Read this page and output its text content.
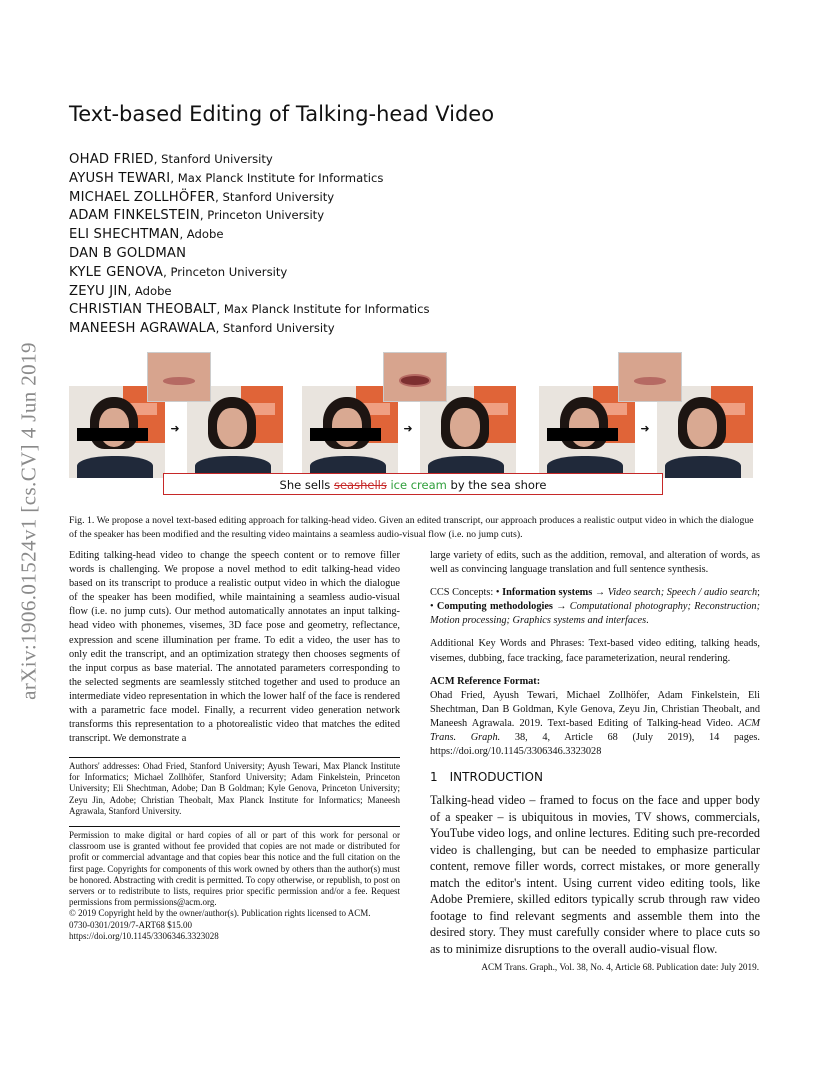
arXiv:1906.01524v1 [cs.CV] 4 Jun 2019
Text-based Editing of Talking-head Video
OHAD FRIED, Stanford University
AYUSH TEWARI, Max Planck Institute for Informatics
MICHAEL ZOLLHÖFER, Stanford University
ADAM FINKELSTEIN, Princeton University
ELI SHECHTMAN, Adobe
DAN B GOLDMAN
KYLE GENOVA, Princeton University
ZEYU JIN, Adobe
CHRISTIAN THEOBALT, Max Planck Institute for Informatics
MANEESH AGRAWALA, Stanford University
➜	➜	➜
She sells seashells ice cream by the sea shore

Fig. 1. We propose a novel text-based editing approach for talking-head video. Given an edited transcript, our approach produces a realistic output video in which the dialogue of the speaker has been modified and the resulting video maintains a seamless audio-visual flow (i.e. no jump cuts).

Editing talking-head video to change the speech content or to remove filler words is challenging. We propose a novel method to edit talking-head video based on its transcript to produce a realistic output video in which the dialogue of the speaker has been modified, while maintaining a seamless audio-visual flow (i.e. no jump cuts). Our method automatically annotates an input talking-head video with phonemes, visemes, 3D face pose and geometry, reflectance, expression and scene illumination per frame. To edit a video, the user has to only edit the transcript, and an optimization strategy then chooses segments of the input corpus as base material. The annotated parameters corresponding to the selected segments are seamlessly stitched together and used to produce an intermediate video representation in which the lower half of the face is rendered with a parametric face model. Finally, a recurrent video generation network transforms this representation to a photorealistic video that matches the edited transcript. We demonstrate a

large variety of edits, such as the addition, removal, and alteration of words, as well as convincing language translation and full sentence synthesis.

CCS Concepts: • Information systems → Video search; Speech / audio search; • Computing methodologies → Computational photography; Reconstruction; Motion processing; Graphics systems and interfaces.

Additional Key Words and Phrases: Text-based video editing, talking heads, visemes, dubbing, face tracking, face parameterization, neural rendering.

ACM Reference Format:

Ohad Fried, Ayush Tewari, Michael Zollhöfer, Adam Finkelstein, Eli Shechtman, Dan B Goldman, Kyle Genova, Zeyu Jin, Christian Theobalt, and Maneesh Agrawala. 2019. Text-based Editing of Talking-head Video. ACM Trans. Graph. 38, 4, Article 68 (July 2019), 14 pages. https://doi.org/10.1145/3306346.3323028

Authors' addresses: Ohad Fried, Stanford University; Ayush Tewari, Max Planck Institute for Informatics; Michael Zollhöfer, Stanford University; Adam Finkelstein, Princeton University; Eli Shechtman, Adobe; Dan B Goldman; Kyle Genova, Princeton University; Zeyu Jin, Adobe; Christian Theobalt, Max Planck Institute for Informatics; Maneesh Agrawala, Stanford University.
Permission to make digital or hard copies of all or part of this work for personal or classroom use is granted without fee provided that copies are not made or distributed for profit or commercial advantage and that copies bear this notice and the full citation on the first page. Copyrights for components of this work owned by others than the author(s) must be honored. Abstracting with credit is permitted. To copy otherwise, or republish, to post on servers or to redistribute to lists, requires prior specific permission and/or a fee. Request permissions from permissions@acm.org.
© 2019 Copyright held by the owner/author(s). Publication rights licensed to ACM.
0730-0301/2019/7-ART68 $15.00
https://doi.org/10.1145/3306346.3323028
1 INTRODUCTION

Talking-head video – framed to focus on the face and upper body of a speaker – is ubiquitous in movies, TV shows, commercials, YouTube video logs, and online lectures. Editing such pre-recorded video is challenging, but can be needed to emphasize particular content, remove filler words, correct mistakes, or more generally match the editor's intent. Using current video editing tools, like Adobe Premiere, skilled editors typically scrub through raw video footage to find relevant segments and assemble them into the desired story. They must carefully consider where to place cuts so as to minimize disruptions to the overall audio-visual flow.

ACM Trans. Graph., Vol. 38, No. 4, Article 68. Publication date: July 2019.
